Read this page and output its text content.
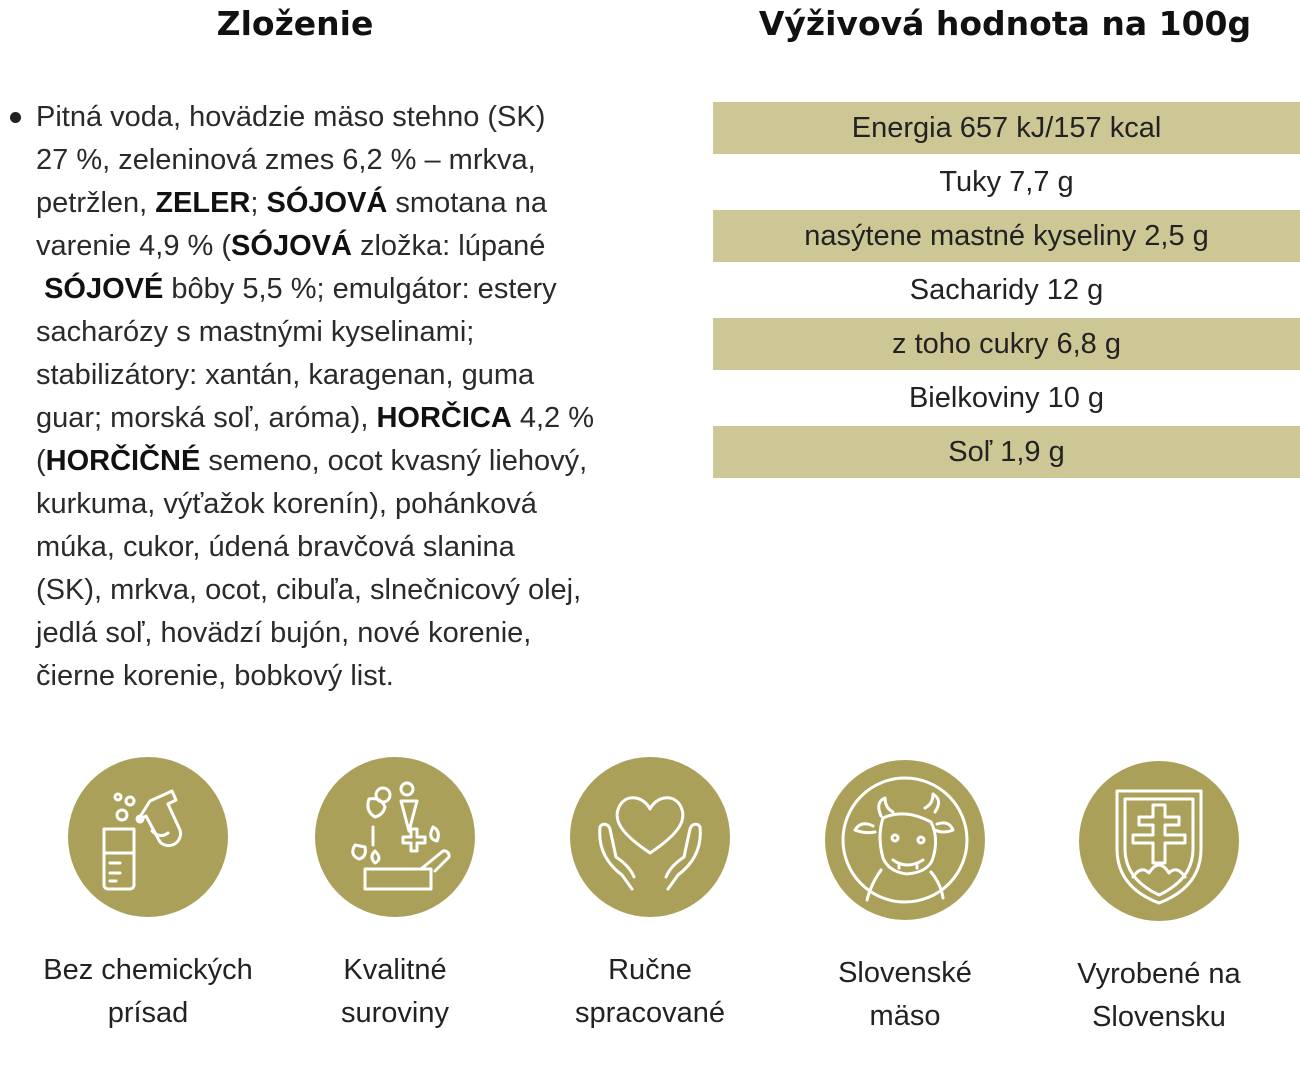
Zloženie	Výživová hodnota na 100g
Pitná voda, hovädzie mäso stehno (SK)
27 %, zeleninová zmes 6,2 % – mrkva,
petržlen, ZELER; SÓJOVÁ smotana na
varenie 4,9 % (SÓJOVÁ zložka: lúpané
SÓJOVÉ bôby 5,5 %; emulgátor: estery
sacharózy s mastnými kyselinami;
stabilizátory: xantán, karagenan, guma
guar; morská soľ, aróma), HORČICA 4,2 %
(HORČIČNÉ semeno, ocot kvasný liehový,
kurkuma, výťažok korenín), pohánková
múka, cukor, údená bravčová slanina
(SK), mrkva, ocot, cibuľa, slnečnicový olej,
jedlá soľ, hovädzí bujón, nové korenie,
čierne korenie, bobkový list.
Energia 657 kJ/157 kcal
Tuky 7,7 g
nasýtene mastné kyseliny 2,5 g
Sacharidy 12 g
z toho cukry 6,8 g
Bielkoviny 10 g
Soľ 1,9 g
Bez chemických
prísad
Kvalitné
suroviny
Ručne
spracované
Slovenské
mäso
Vyrobené na
Slovensku
